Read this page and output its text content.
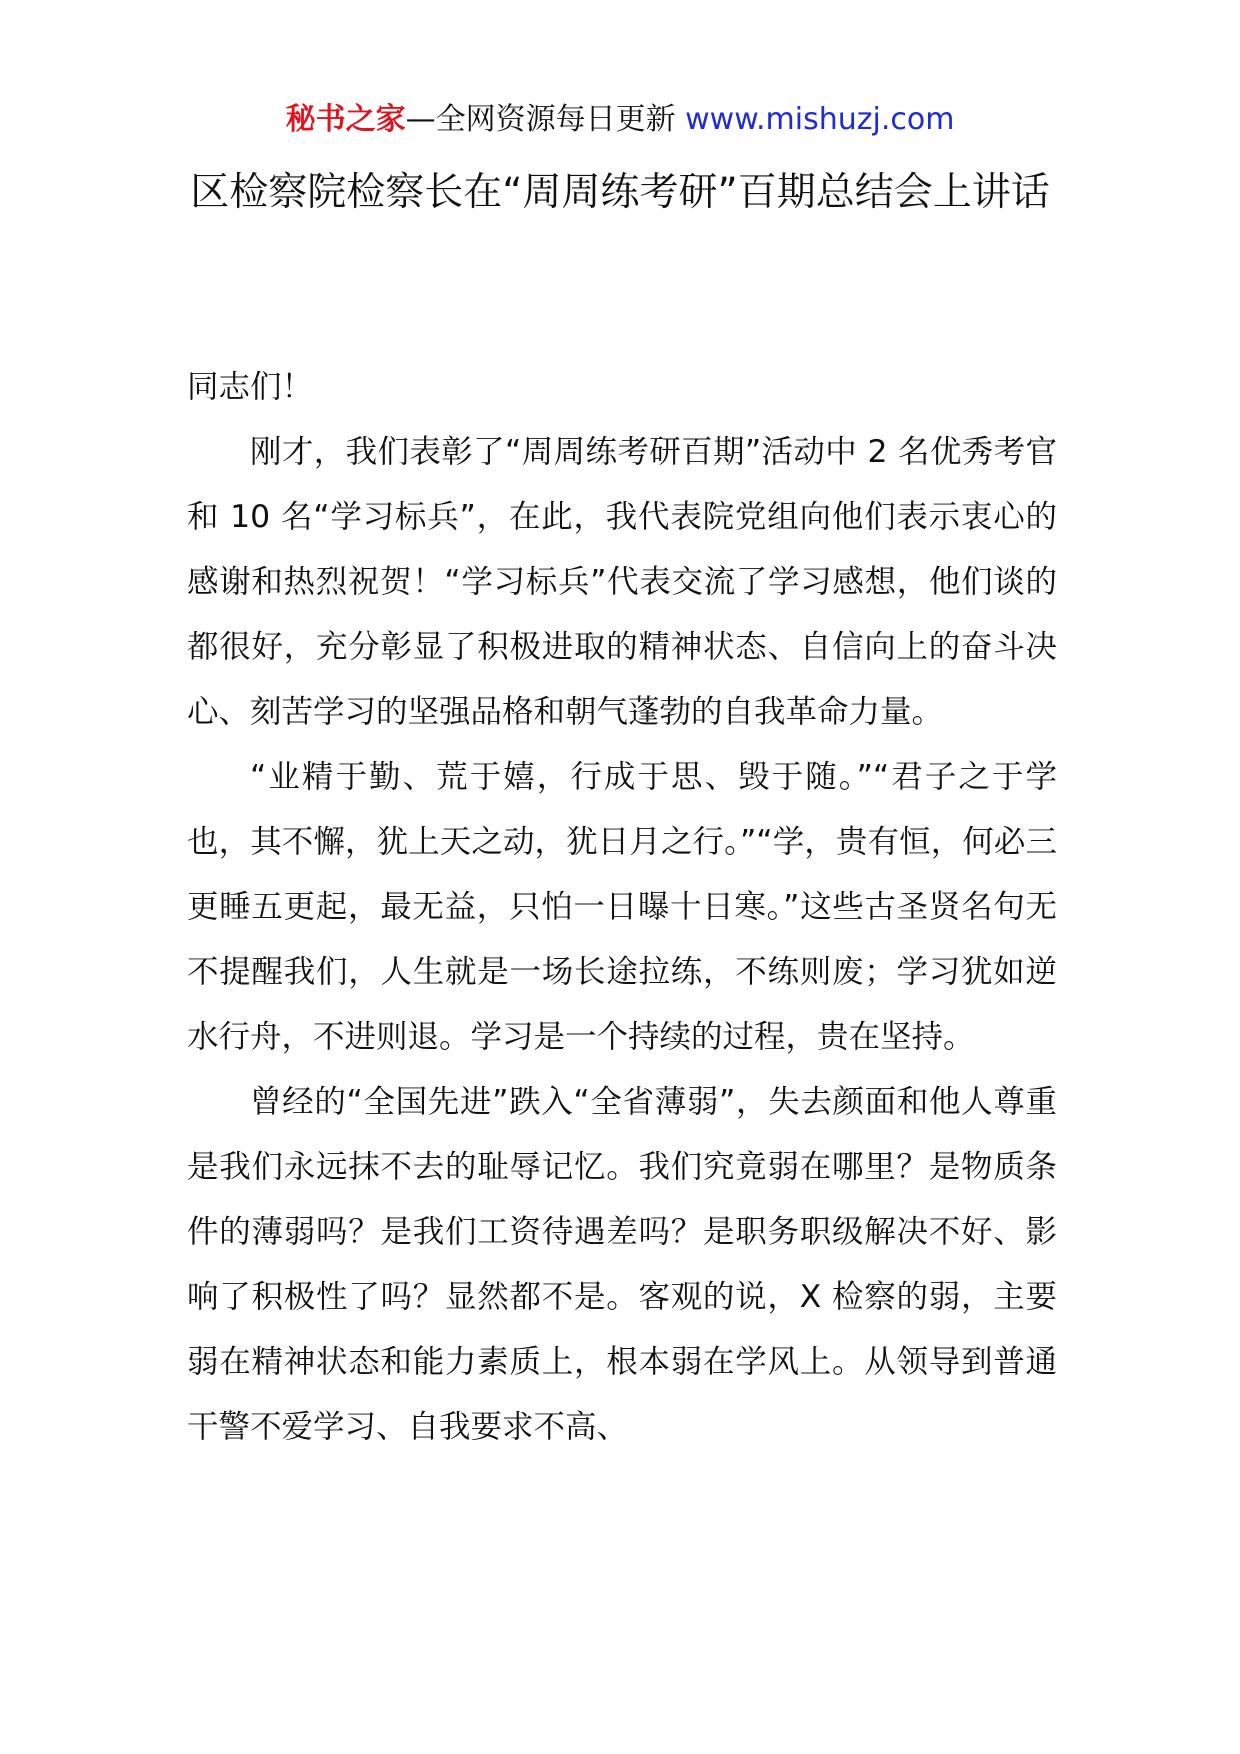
秘书之家—全网资源每日更新 www.mishuzj.com
区检察院检察长在“周周练考研”百期总结会上讲话

同志们！

刚才，我们表彰了“周周练考研百期”活动中 2 名优秀考官和 10 名“学习标兵”，在此，我代表院党组向他们表示衷心的感谢和热烈祝贺！“学习标兵”代表交流了学习感想，他们谈的都很好，充分彰显了积极进取的精神状态、自信向上的奋斗决心、刻苦学习的坚强品格和朝气蓬勃的自我革命力量。

“业精于勤、荒于嬉，行成于思、毁于随。”“君子之于学也，其不懈，犹上天之动，犹日月之行。”“学，贵有恒，何必三更睡五更起，最无益，只怕一日曝十日寒。”这些古圣贤名句无不提醒我们，人生就是一场长途拉练，不练则废；学习犹如逆水行舟，不进则退。学习是一个持续的过程，贵在坚持。

曾经的“全国先进”跌入“全省薄弱”，失去颜面和他人尊重是我们永远抹不去的耻辱记忆。我们究竟弱在哪里？是物质条件的薄弱吗？是我们工资待遇差吗？是职务职级解决不好、影响了积极性了吗？显然都不是。客观的说，X 检察的弱，主要弱在精神状态和能力素质上，根本弱在学风上。从领导到普通干警不爱学习、自我要求不高、
